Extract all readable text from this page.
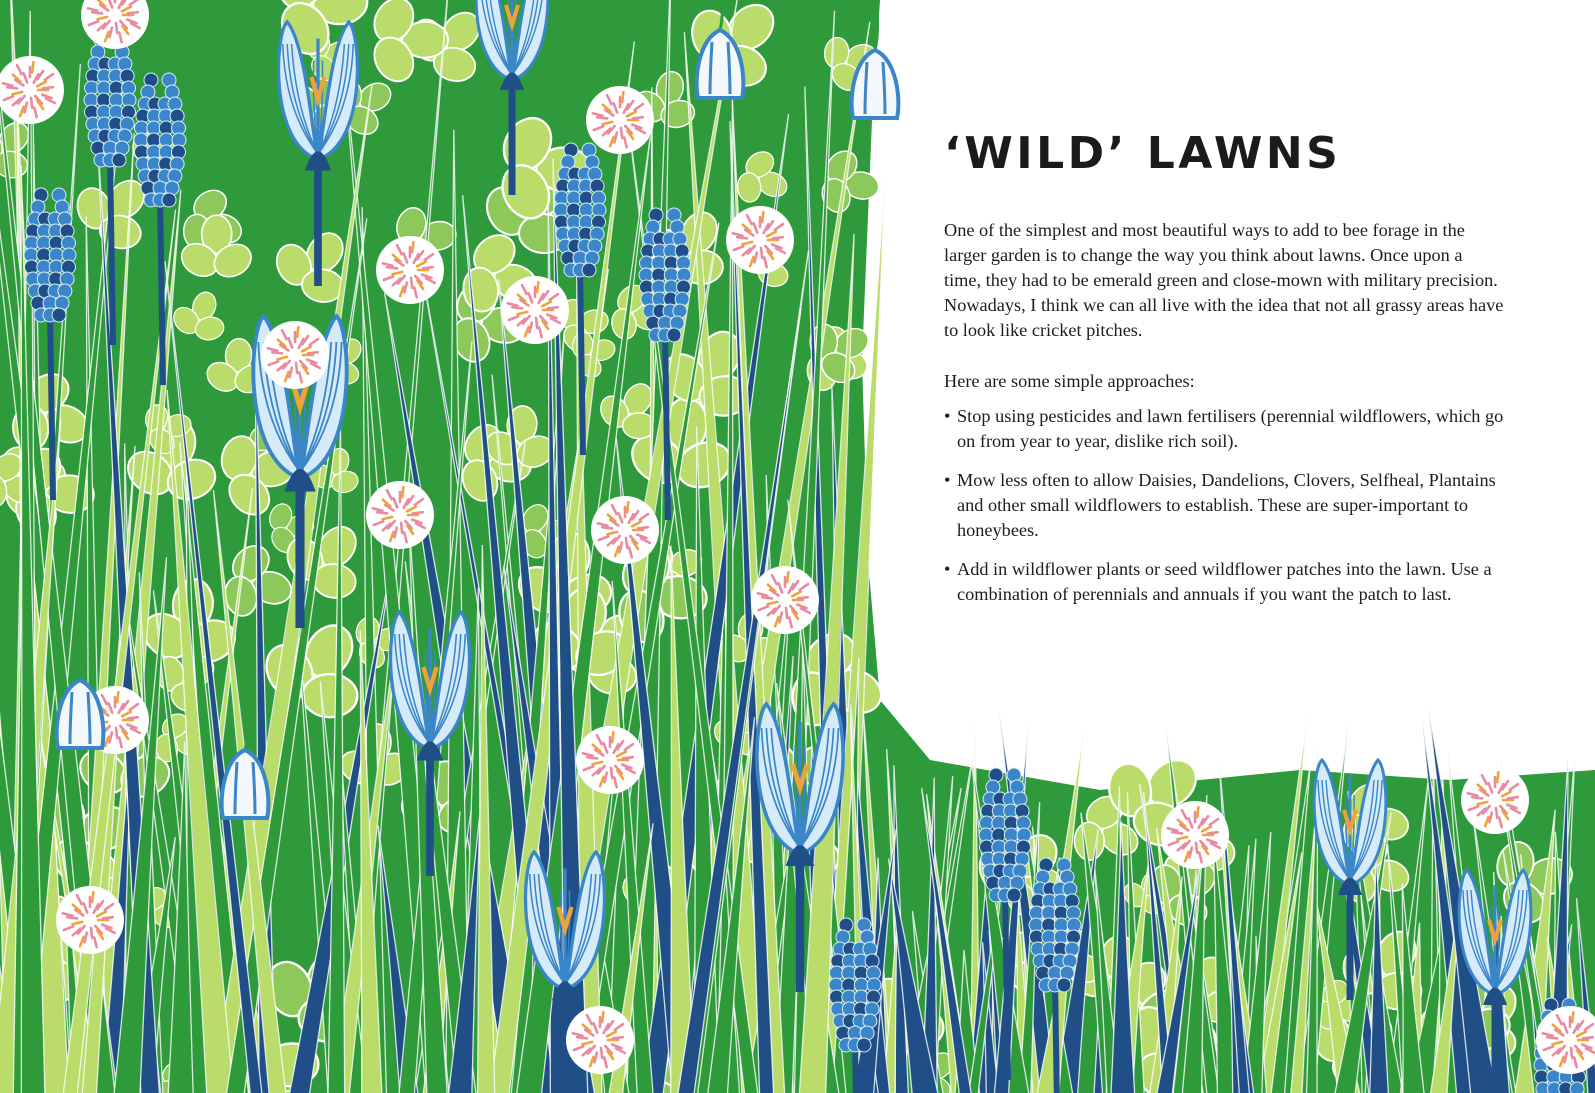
‘WILD’ LAWNS

One of the simplest and most beautiful ways to add to bee forage in the larger garden is to change the way you think about lawns. Once upon a time, they had to be emerald green and close-mown with military precision. Nowadays, I think we can all live with the idea that not all grassy areas have to look like cricket pitches.

Here are some simple approaches:

• Stop using pesticides and lawn fertilisers (perennial wildflowers, which go on from year to year, dislike rich soil).
• Mow less often to allow Daisies, Dandelions, Clovers, Selfheal, Plantains and other small wildflowers to establish. These are super-important to honeybees.
• Add in wildflower plants or seed wildflower patches into the lawn. Use a combination of perennials and annuals if you want the patch to last.
